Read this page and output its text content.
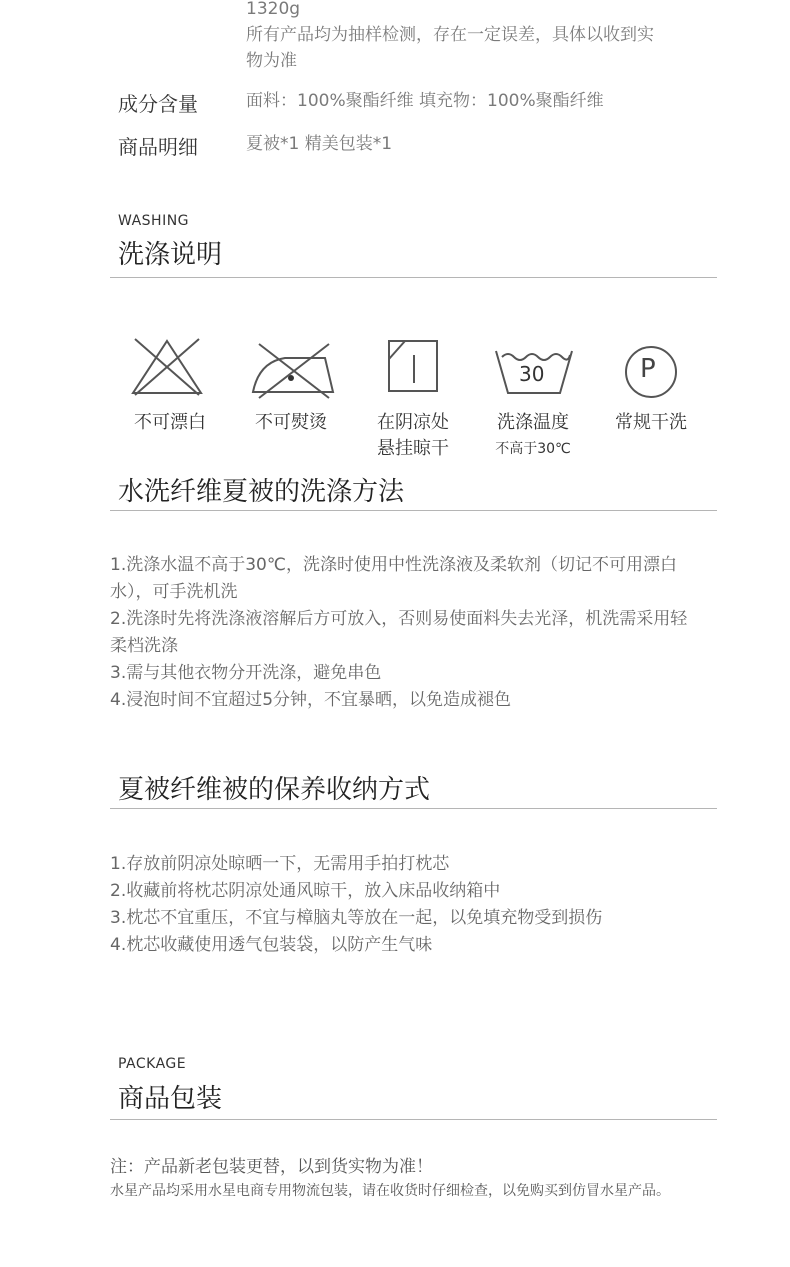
1320g
所有产品均为抽样检测，存在一定误差，具体以收到实
物为准
成分含量	面料：100%聚酯纤维 填充物：100%聚酯纤维
商品明细	夏被*1 精美包装*1
WASHING
洗涤说明
不可漂白	不可熨烫	在阴凉处
悬挂晾干
30
洗涤温度
不高于30℃
P
常规干洗
水洗纤维夏被的洗涤方法
1.洗涤水温不高于30℃，洗涤时使用中性洗涤液及柔软剂（切记不可用漂白
水），可手洗机洗
2.洗涤时先将洗涤液溶解后方可放入，否则易使面料失去光泽，机洗需采用轻
柔档洗涤
3.需与其他衣物分开洗涤，避免串色
4.浸泡时间不宜超过5分钟，不宜暴晒，以免造成褪色
夏被纤维被的保养收纳方式
1.存放前阴凉处晾晒一下，无需用手拍打枕芯
2.收藏前将枕芯阴凉处通风晾干，放入床品收纳箱中
3.枕芯不宜重压，不宜与樟脑丸等放在一起，以免填充物受到损伤
4.枕芯收藏使用透气包装袋，以防产生气味
PACKAGE
商品包装
注：产品新老包装更替，以到货实物为准！
水星产品均采用水星电商专用物流包装，请在收货时仔细检查，以免购买到仿冒水星产品。
